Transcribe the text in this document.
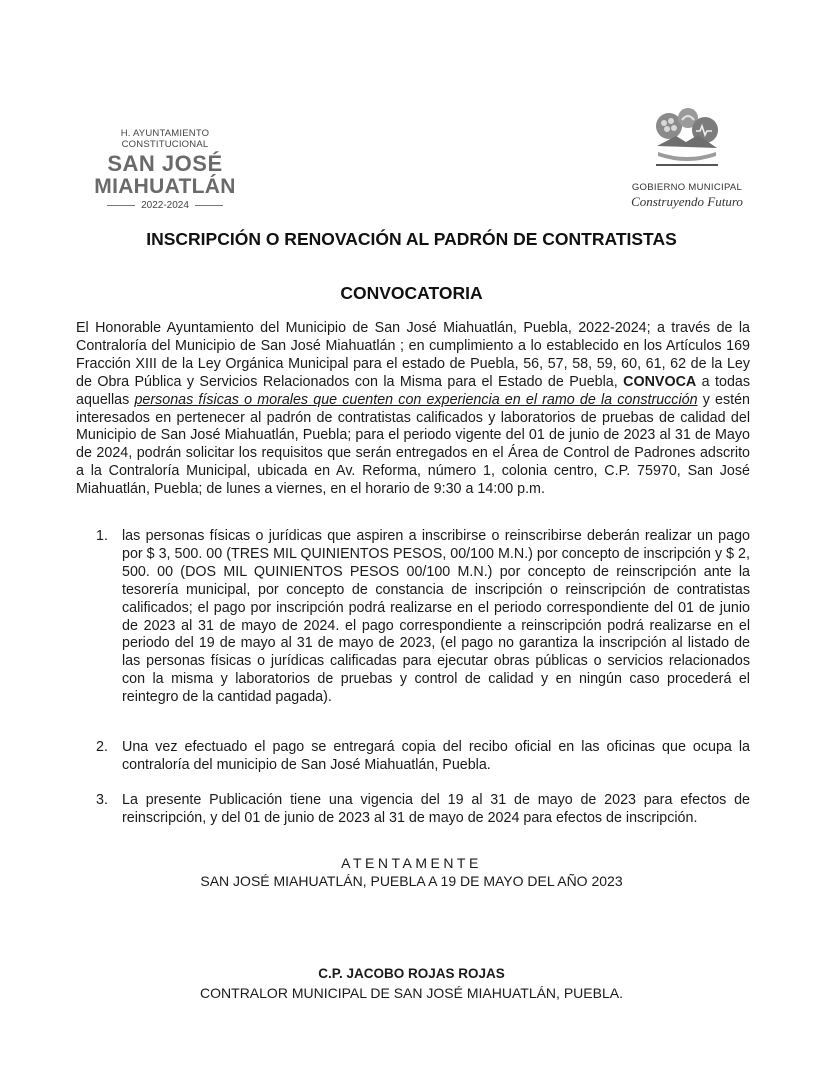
H. AYUNTAMIENTO CONSTITUCIONAL
SAN JOSÉ
MIAHUATLÁN
2022-2024
GOBIERNO MUNICIPAL
Construyendo Futuro
INSCRIPCIÓN O RENOVACIÓN AL PADRÓN DE CONTRATISTAS
CONVOCATORIA
El Honorable Ayuntamiento del Municipio de San José Miahuatlán, Puebla, 2022-2024; a través de la Contraloría del Municipio de San José Miahuatlán ; en cumplimiento a lo establecido en los Artículos 169 Fracción XIII de la Ley Orgánica Municipal para el estado de Puebla, 56, 57, 58, 59, 60, 61, 62 de la Ley de Obra Pública y Servicios Relacionados con la Misma para el Estado de Puebla, CONVOCA a todas aquellas personas físicas o morales que cuenten con experiencia en el ramo de la construcción y estén interesados en pertenecer al padrón de contratistas calificados y laboratorios de pruebas de calidad del Municipio de San José Miahuatlán, Puebla; para el periodo vigente del 01 de junio de 2023 al 31 de Mayo de 2024, podrán solicitar los requisitos que serán entregados en el Área de Control de Padrones adscrito a la Contraloría Municipal, ubicada en Av. Reforma, número 1, colonia centro, C.P. 75970, San José Miahuatlán, Puebla; de lunes a viernes, en el horario de 9:30 a 14:00 p.m.
1. las personas físicas o jurídicas que aspiren a inscribirse o reinscribirse deberán realizar un pago por $ 3, 500. 00 (TRES MIL QUINIENTOS PESOS, 00/100 M.N.) por concepto de inscripción y $ 2, 500. 00 (DOS MIL QUINIENTOS PESOS 00/100 M.N.) por concepto de reinscripción ante la tesorería municipal, por concepto de constancia de inscripción o reinscripción de contratistas calificados; el pago por inscripción podrá realizarse en el periodo correspondiente del 01 de junio de 2023 al 31 de mayo de 2024. el pago correspondiente a reinscripción podrá realizarse en el periodo del 19 de mayo al 31 de mayo de 2023, (el pago no garantiza la inscripción al listado de las personas físicas o jurídicas calificadas para ejecutar obras públicas o servicios relacionados con la misma y laboratorios de pruebas y control de calidad y en ningún caso procederá el reintegro de la cantidad pagada).
2. Una vez efectuado el pago se entregará copia del recibo oficial en las oficinas que ocupa la contraloría del municipio de San José Miahuatlán, Puebla.
3. La presente Publicación tiene una vigencia del 19 al 31 de mayo de 2023 para efectos de reinscripción, y del 01 de junio de 2023 al 31 de mayo de 2024 para efectos de inscripción.
ATENTAMENTE
SAN JOSÉ MIAHUATLÁN, PUEBLA A 19 DE MAYO DEL AÑO 2023
C.P. JACOBO ROJAS ROJAS
CONTRALOR MUNICIPAL DE SAN JOSÉ MIAHUATLÁN, PUEBLA.
